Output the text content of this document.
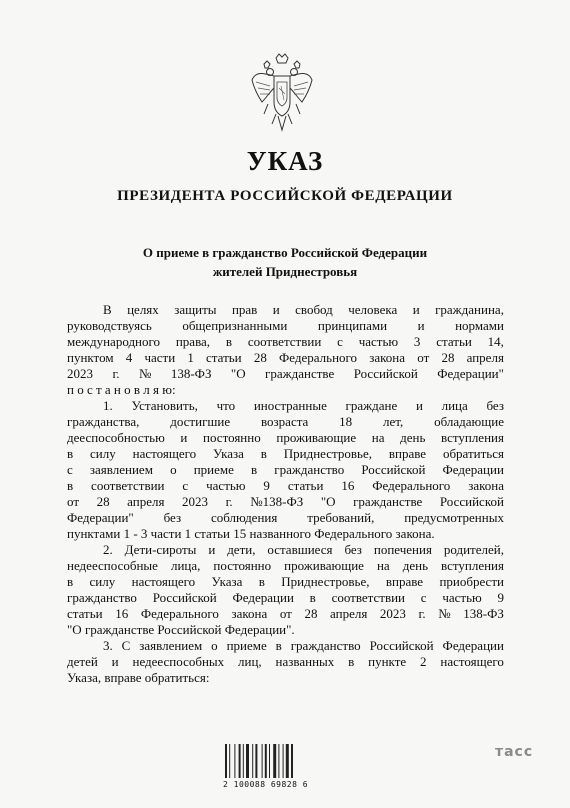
УКАЗ
ПРЕЗИДЕНТА РОССИЙСКОЙ ФЕДЕРАЦИИ
О приеме в гражданство Российской Федерации
жителей Приднестровья
В целях защиты прав и свобод человека и гражданина,
руководствуясь общепризнанными принципами и нормами
международного права, в соответствии с частью 3 статьи 14,
пунктом 4 части 1 статьи 28 Федерального закона от 28 апреля
2023 г. № 138-ФЗ "О гражданстве Российской Федерации"
п о с т а н о в л я ю:
1. Установить, что иностранные граждане и лица без
гражданства, достигшие возраста 18 лет, обладающие
дееспособностью и постоянно проживающие на день вступления
в силу настоящего Указа в Приднестровье, вправе обратиться
с заявлением о приеме в гражданство Российской Федерации
в соответствии с частью 9 статьи 16 Федерального закона
от 28 апреля 2023 г. №138-ФЗ "О гражданстве Российской
Федерации" без соблюдения требований, предусмотренных
пунктами 1 - 3 части 1 статьи 15 названного Федерального закона.
2. Дети-сироты и дети, оставшиеся без попечения родителей,
недееспособные лица, постоянно проживающие на день вступления
в силу настоящего Указа в Приднестровье, вправе приобрести
гражданство Российской Федерации в соответствии с частью 9
статьи 16 Федерального закона от 28 апреля 2023 г. № 138-ФЗ
"О гражданстве Российской Федерации".
3. С заявлением о приеме в гражданство Российской Федерации
детей и недееспособных лиц, названных в пункте 2 настоящего
Указа, вправе обратиться:
2 100088 69828 6
тасс
